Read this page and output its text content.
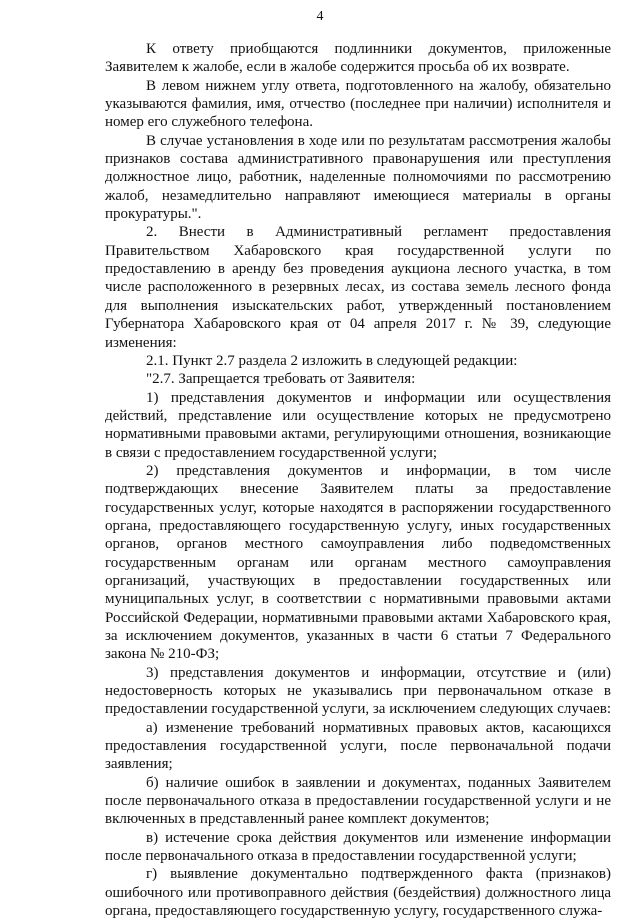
4

К ответу приобщаются подлинники документов, приложенные Заявителем к жалобе, если в жалобе содержится просьба об их возврате.

В левом нижнем углу ответа, подготовленного на жалобу, обязательно указываются фамилия, имя, отчество (последнее при наличии) исполнителя и номер его служебного телефона.

В случае установления в ходе или по результатам рассмотрения жалобы признаков состава административного правонарушения или преступления должностное лицо, работник, наделенные полномочиями по рассмотрению жалоб, незамедлительно направляют имеющиеся материалы в органы прокуратуры.".

2. Внести в Административный регламент предоставления Правительством Хабаровского края государственной услуги по предоставлению в аренду без проведения аукциона лесного участка, в том числе расположенного в резервных лесах, из состава земель лесного фонда для выполнения изыскательских работ, утвержденный постановлением Губернатора Хабаровского края от 04 апреля 2017 г. № 39, следующие изменения:

2.1. Пункт 2.7 раздела 2 изложить в следующей редакции:

"2.7. Запрещается требовать от Заявителя:

1) представления документов и информации или осуществления действий, представление или осуществление которых не предусмотрено нормативными правовыми актами, регулирующими отношения, возникающие в связи с предоставлением государственной услуги;

2) представления документов и информации, в том числе подтверждающих внесение Заявителем платы за предоставление государственных услуг, которые находятся в распоряжении государственного органа, предоставляющего государственную услугу, иных государственных органов, органов местного самоуправления либо подведомственных государственным органам или органам местного самоуправления организаций, участвующих в предоставлении государственных или муниципальных услуг, в соответствии с нормативными правовыми актами Российской Федерации, нормативными правовыми актами Хабаровского края, за исключением документов, указанных в части 6 статьи 7 Федерального закона № 210-ФЗ;

3) представления документов и информации, отсутствие и (или) недостоверность которых не указывались при первоначальном отказе в предоставлении государственной услуги, за исключением следующих случаев:

а) изменение требований нормативных правовых актов, касающихся предоставления государственной услуги, после первоначальной подачи заявления;

б) наличие ошибок в заявлении и документах, поданных Заявителем после первоначального отказа в предоставлении государственной услуги и не включенных в представленный ранее комплект документов;

в) истечение срока действия документов или изменение информации после первоначального отказа в предоставлении государственной услуги;

г) выявление документально подтвержденного факта (признаков) ошибочного или противоправного действия (бездействия) должностного лица органа, предоставляющего государственную услугу, государственного служа-
